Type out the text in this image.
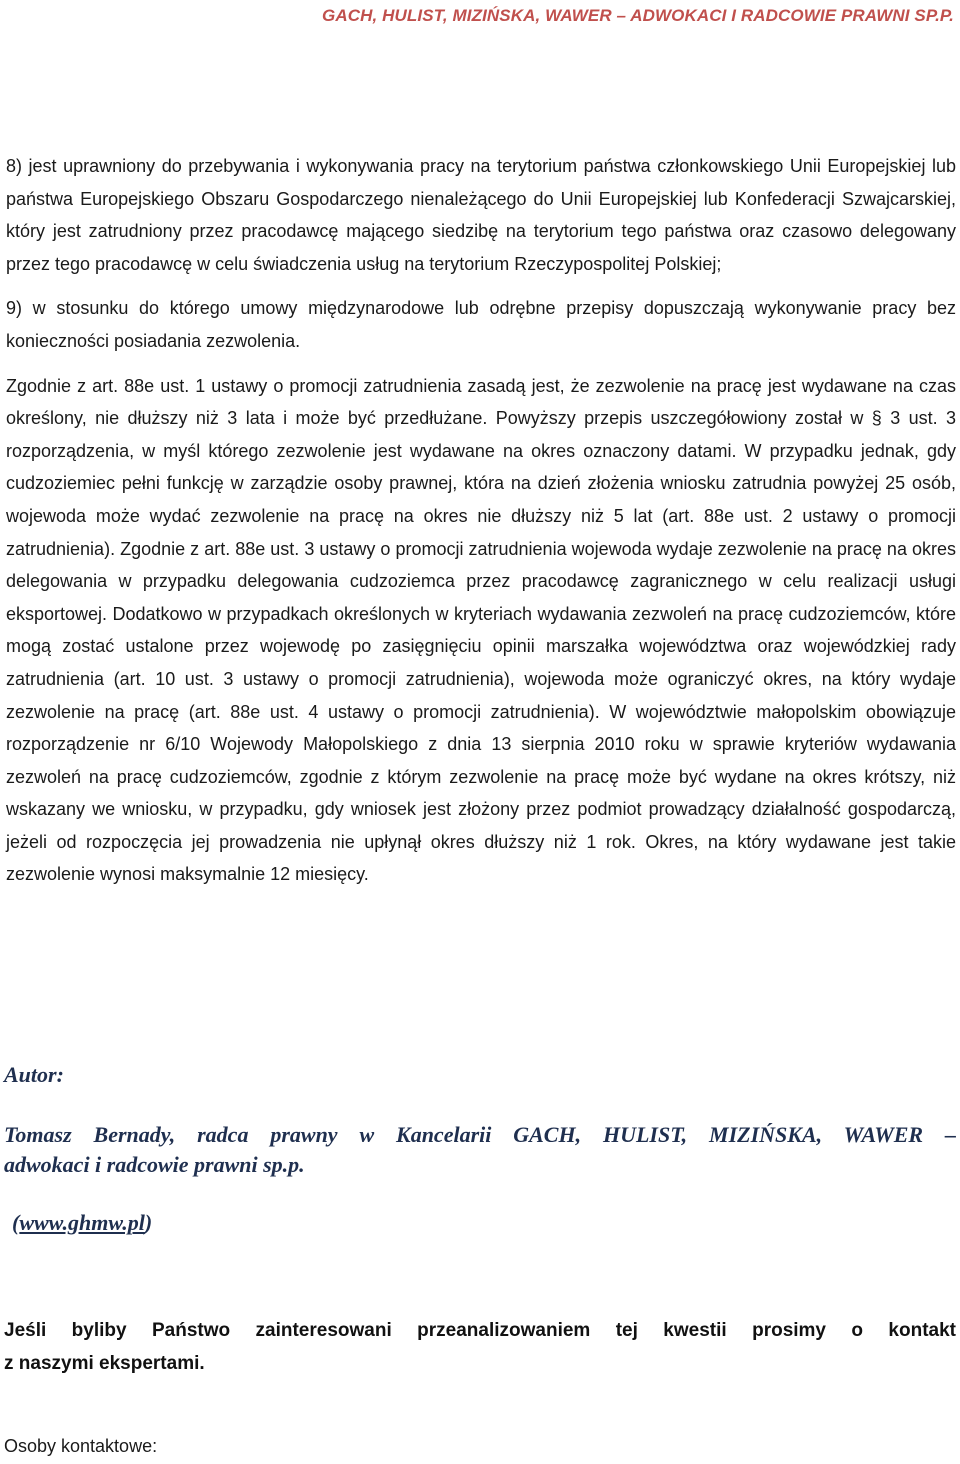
GACH, HULIST, MIZIŃSKA, WAWER – ADWOKACI I RADCOWIE PRAWNI SP.P.

8) jest uprawniony do przebywania i wykonywania pracy na terytorium państwa członkowskiego Unii Europejskiej lub państwa Europejskiego Obszaru Gospodarczego nienależącego do Unii Europejskiej lub Konfederacji Szwajcarskiej, który jest zatrudniony przez pracodawcę mającego siedzibę na terytorium tego państwa oraz czasowo delegowany przez tego pracodawcę w celu świadczenia usług na terytorium Rzeczypospolitej Polskiej;

9) w stosunku do którego umowy międzynarodowe lub odrębne przepisy dopuszczają wykonywanie pracy bez konieczności posiadania zezwolenia.

Zgodnie z art. 88e ust. 1 ustawy o promocji zatrudnienia zasadą jest, że zezwolenie na pracę jest wydawane na czas określony, nie dłuższy niż 3 lata i może być przedłużane. Powyższy przepis uszczegółowiony został w § 3 ust. 3 rozporządzenia, w myśl którego zezwolenie jest wydawane na okres oznaczony datami. W przypadku jednak, gdy cudzoziemiec pełni funkcję w zarządzie osoby prawnej, która na dzień złożenia wniosku zatrudnia powyżej 25 osób, wojewoda może wydać zezwolenie na pracę na okres nie dłuższy niż 5 lat (art. 88e ust. 2 ustawy o promocji zatrudnienia). Zgodnie z art. 88e ust. 3 ustawy o promocji zatrudnienia wojewoda wydaje zezwolenie na pracę na okres delegowania w przypadku delegowania cudzoziemca przez pracodawcę zagranicznego w celu realizacji usługi eksportowej. Dodatkowo w przypadkach określonych w kryteriach wydawania zezwoleń na pracę cudzoziemców, które mogą zostać ustalone przez wojewodę po zasięgnięciu opinii marszałka województwa oraz wojewódzkiej rady zatrudnienia (art. 10 ust. 3 ustawy o promocji zatrudnienia), wojewoda może ograniczyć okres, na który wydaje zezwolenie na pracę (art. 88e ust. 4 ustawy o promocji zatrudnienia). W województwie małopolskim obowiązuje rozporządzenie nr 6/10 Wojewody Małopolskiego z dnia 13 sierpnia 2010 roku w sprawie kryteriów wydawania zezwoleń na pracę cudzoziemców, zgodnie z którym zezwolenie na pracę może być wydane na okres krótszy, niż wskazany we wniosku, w przypadku, gdy wniosek jest złożony przez podmiot prowadzący działalność gospodarczą, jeżeli od rozpoczęcia jej prowadzenia nie upłynął okres dłuższy niż 1 rok. Okres, na który wydawane jest takie zezwolenie wynosi maksymalnie 12 miesięcy.

Autor:
Tomasz Bernady, radca prawny w Kancelarii GACH, HULIST, MIZIŃSKA, WAWER –
adwokaci i radcowie prawni sp.p.
(www.ghmw.pl)
Jeśli byliby Państwo zainteresowani przeanalizowaniem tej kwestii prosimy o kontakt
z naszymi ekspertami.
Osoby kontaktowe:
